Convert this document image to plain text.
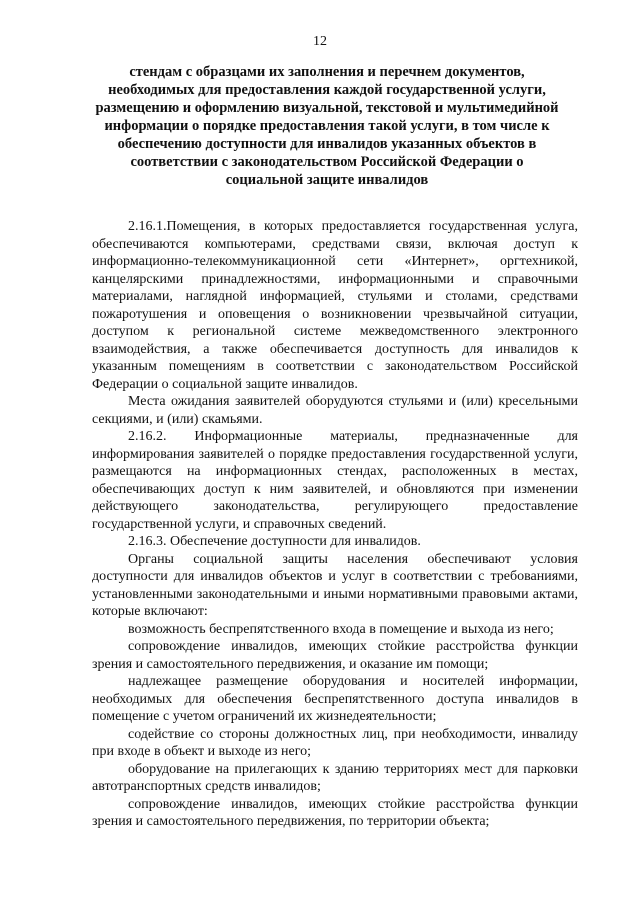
12
стендам с образцами их заполнения и перечнем документов, необходимых для предоставления каждой государственной услуги, размещению и оформлению визуальной, текстовой и мультимедийной информации о порядке предоставления такой услуги, в том числе к обеспечению доступности для инвалидов указанных объектов в соответствии с законодательством Российской Федерации о социальной защите инвалидов

2.16.1.Помещения, в которых предоставляется государственная услуга, обеспечиваются компьютерами, средствами связи, включая доступ к информационно-телекоммуникационной сети «Интернет», оргтехникой, канцелярскими принадлежностями, информационными и справочными материалами, наглядной информацией, стульями и столами, средствами пожаротушения и оповещения о возникновении чрезвычайной ситуации, доступом к региональной системе межведомственного электронного взаимодействия, а также обеспечивается доступность для инвалидов к указанным помещениям в соответствии с законодательством Российской Федерации о социальной защите инвалидов.

Места ожидания заявителей оборудуются стульями и (или) кресельными секциями, и (или) скамьями.

2.16.2. Информационные материалы, предназначенные для информирования заявителей о порядке предоставления государственной услуги, размещаются на информационных стендах, расположенных в местах, обеспечивающих доступ к ним заявителей, и обновляются при изменении действующего законодательства, регулирующего предоставление государственной услуги, и справочных сведений.

2.16.3. Обеспечение доступности для инвалидов.

Органы социальной защиты населения обеспечивают условия доступности для инвалидов объектов и услуг в соответствии с требованиями, установленными законодательными и иными нормативными правовыми актами, которые включают:

возможность беспрепятственного входа в помещение и выхода из него;

сопровождение инвалидов, имеющих стойкие расстройства функции зрения и самостоятельного передвижения, и оказание им помощи;

надлежащее размещение оборудования и носителей информации, необходимых для обеспечения беспрепятственного доступа инвалидов в помещение с учетом ограничений их жизнедеятельности;

содействие со стороны должностных лиц, при необходимости, инвалиду при входе в объект и выходе из него;

оборудование на прилегающих к зданию территориях мест для парковки автотранспортных средств инвалидов;

сопровождение инвалидов, имеющих стойкие расстройства функции зрения и самостоятельного передвижения, по территории объекта;
